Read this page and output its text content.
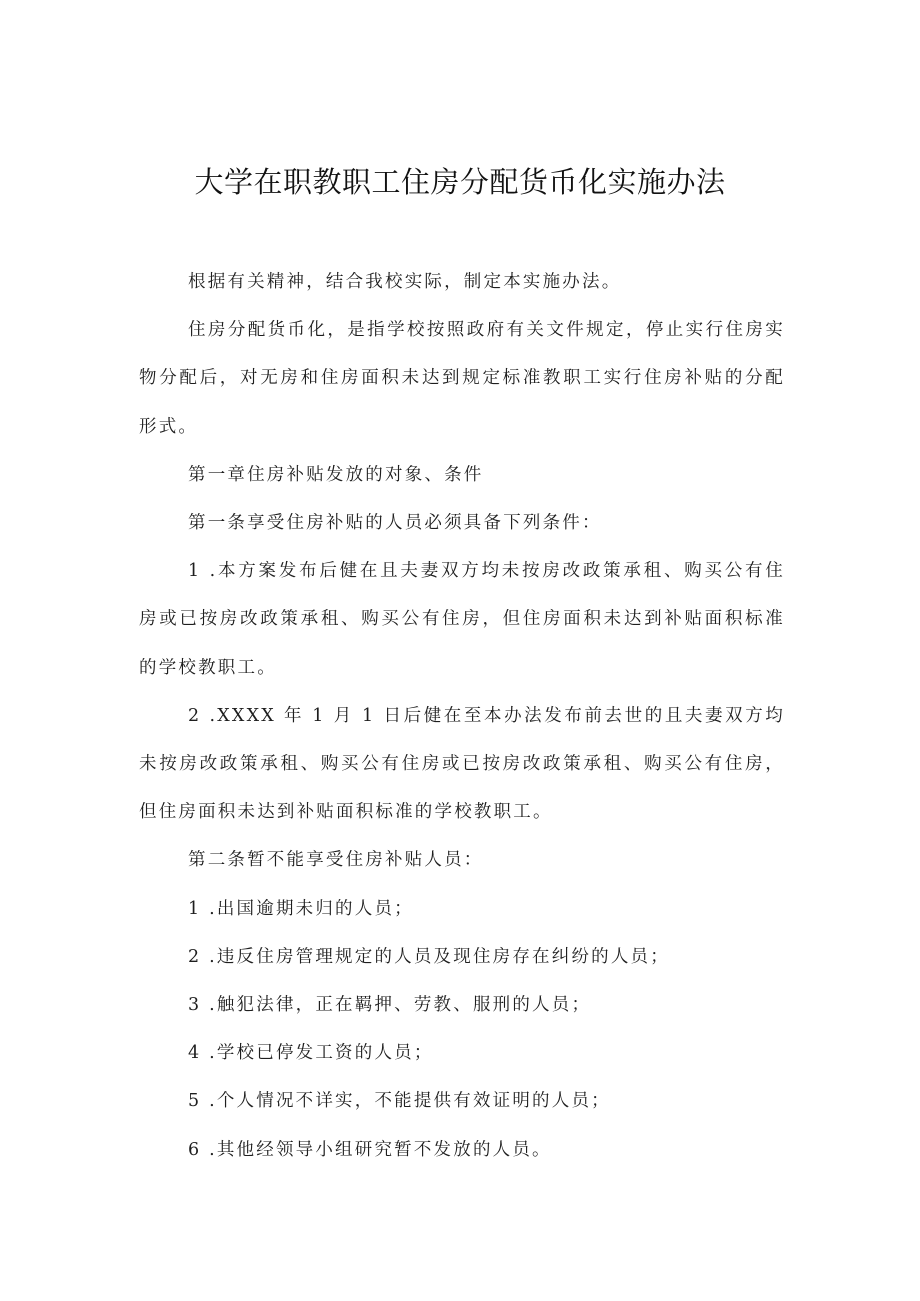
大学在职教职工住房分配货币化实施办法

根据有关精神，结合我校实际，制定本实施办法。

住房分配货币化，是指学校按照政府有关文件规定，停止实行住房实物分配后，对无房和住房面积未达到规定标准教职工实行住房补贴的分配形式。

第一章住房补贴发放的对象、条件

第一条享受住房补贴的人员必须具备下列条件：

1 .本方案发布后健在且夫妻双方均未按房改政策承租、购买公有住房或已按房改政策承租、购买公有住房，但住房面积未达到补贴面积标准的学校教职工。

2 .XXXX 年 1 月 1 日后健在至本办法发布前去世的且夫妻双方均未按房改政策承租、购买公有住房或已按房改政策承租、购买公有住房，但住房面积未达到补贴面积标准的学校教职工。

第二条暂不能享受住房补贴人员：

1 .出国逾期未归的人员；

2 .违反住房管理规定的人员及现住房存在纠纷的人员；

3 .触犯法律，正在羁押、劳教、服刑的人员；

4 .学校已停发工资的人员；

5 .个人情况不详实，不能提供有效证明的人员；

6 .其他经领导小组研究暂不发放的人员。
